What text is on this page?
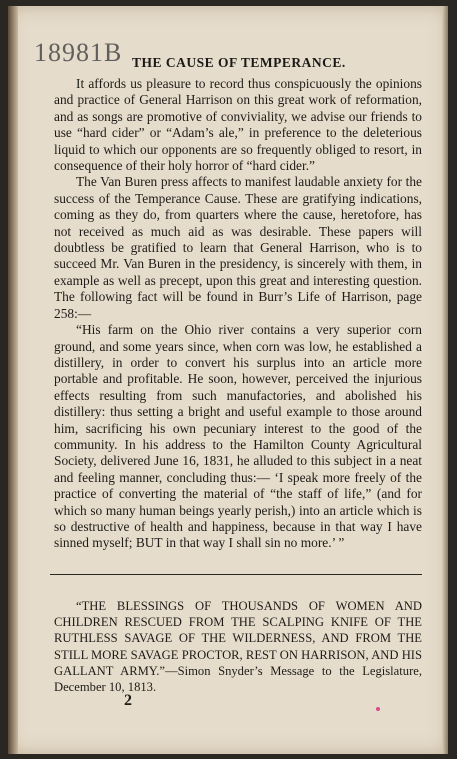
18981B THE CAUSE OF TEMPERANCE.

It affords us pleasure to record thus conspicuously the opinions and practice of General Harrison on this great work of reformation, and as songs are promotive of conviviality, we advise our friends to use “hard cider” or “Adam’s ale,” in preference to the deleterious liquid to which our opponents are so frequently obliged to resort, in consequence of their holy horror of “hard cider.”

The Van Buren press affects to manifest laudable anxiety for the success of the Temperance Cause. These are gratifying indications, coming as they do, from quarters where the cause, heretofore, has not received as much aid as was desirable. These papers will doubtless be gratified to learn that General Harrison, who is to succeed Mr. Van Buren in the presidency, is sincerely with them, in example as well as precept, upon this great and interesting question. The following fact will be found in Burr’s Life of Harrison, page 258:—

“His farm on the Ohio river contains a very superior corn ground, and some years since, when corn was low, he established a distillery, in order to convert his surplus into an article more portable and profitable. He soon, however, perceived the injurious effects resulting from such manufactories, and abolished his distillery: thus setting a bright and useful example to those around him, sacrificing his own pecuniary interest to the good of the community. In his address to the Hamilton County Agricultural Society, delivered June 16, 1831, he alluded to this subject in a neat and feeling manner, concluding thus:— ‘I speak more freely of the practice of converting the material of “the staff of life,” (and for which so many human beings yearly perish,) into an article which is so destructive of health and happiness, because in that way I have sinned myself; BUT in that way I shall sin no more.’ ”

“THE BLESSINGS OF THOUSANDS OF WOMEN AND CHILDREN RESCUED FROM THE SCALPING KNIFE OF THE RUTHLESS SAVAGE OF THE WILDERNESS, AND FROM THE STILL MORE SAVAGE PROCTOR, REST ON HARRISON, AND HIS GALLANT ARMY.”—Simon Snyder’s Message to the Legislature, December 10, 1813.

2
